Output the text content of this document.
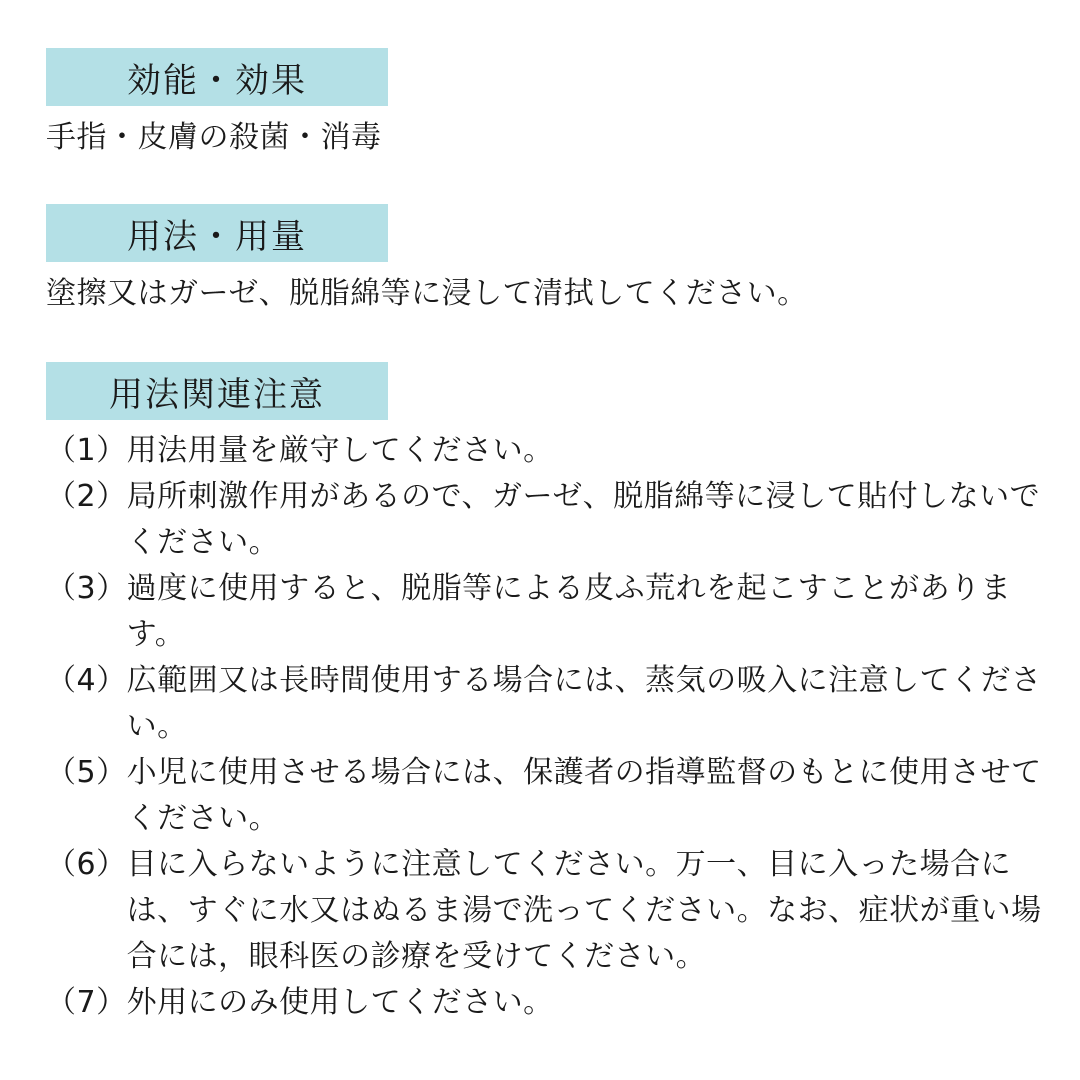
効能・効果
手指・皮膚の殺菌・消毒
用法・用量
塗擦又はガーゼ、脱脂綿等に浸して清拭してください。
用法関連注意
（1） 用法用量を厳守してください。
（2） 局所刺激作用があるので、ガーゼ、脱脂綿等に浸して貼付しないでください。
（3） 過度に使用すると、脱脂等による皮ふ荒れを起こすことがあります。
（4） 広範囲又は長時間使用する場合には、蒸気の吸入に注意してください。
（5） 小児に使用させる場合には、保護者の指導監督のもとに使用させてください。
（6） 目に入らないように注意してください。万一、目に入った場合には、すぐに水又はぬるま湯で洗ってください。なお、症状が重い場合には，眼科医の診療を受けてください。
（7） 外用にのみ使用してください。
